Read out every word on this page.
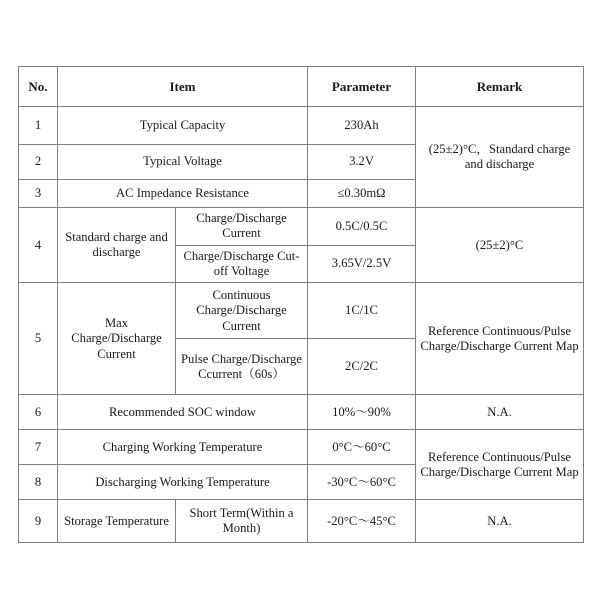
No.	Item		Parameter	Remark
1	Typical Capacity		230Ah	(25±2)°C，Standard charge and discharge
2	Typical Voltage		3.2V	
3	AC Impedance Resistance		≤0.30mΩ	
4	Standard charge and discharge	Charge/Discharge Current	0.5C/0.5C	(25±2)°C
		Charge/Discharge Cut-off Voltage	3.65V/2.5V	
5	Max Charge/Discharge Current	Continuous Charge/Discharge Current	1C/1C	Reference Continuous/Pulse Charge/Discharge Current Map
		Pulse Charge/Discharge Ccurrent（60s）	2C/2C	
6	Recommended SOC window		10%～90%	N.A.
7	Charging Working Temperature		0°C～60°C	Reference Continuous/Pulse Charge/Discharge Current Map
8	Discharging Working Temperature		-30°C～60°C	
9	Storage Temperature	Short Term(Within a Month)	-20°C～45°C	N.A.
